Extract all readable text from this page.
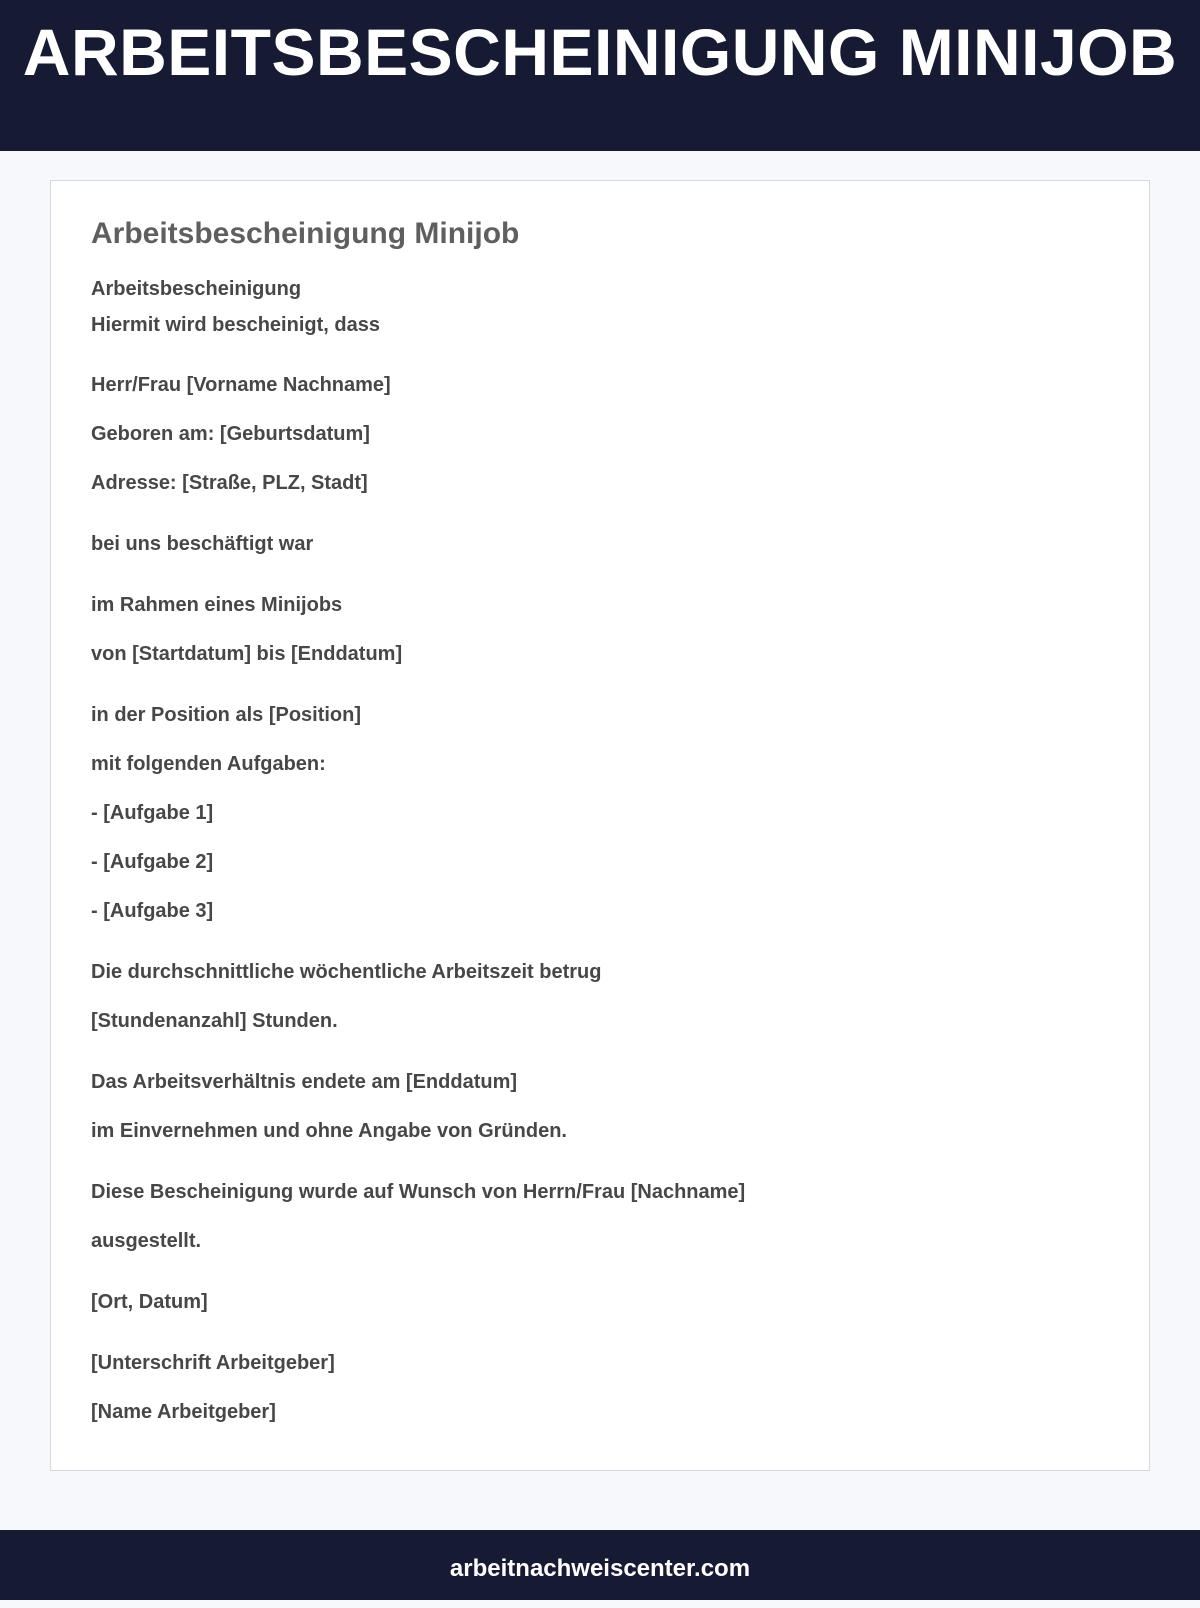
ARBEITSBESCHEINIGUNG MINIJOB
Arbeitsbescheinigung Minijob

Arbeitsbescheinigung

Hiermit wird bescheinigt, dass

Herr/Frau [Vorname Nachname]

Geboren am: [Geburtsdatum]

Adresse: [Straße, PLZ, Stadt]

bei uns beschäftigt war

im Rahmen eines Minijobs

von [Startdatum] bis [Enddatum]

in der Position als [Position]

mit folgenden Aufgaben:

- [Aufgabe 1]

- [Aufgabe 2]

- [Aufgabe 3]

Die durchschnittliche wöchentliche Arbeitszeit betrug

[Stundenanzahl] Stunden.

Das Arbeitsverhältnis endete am [Enddatum]

im Einvernehmen und ohne Angabe von Gründen.

Diese Bescheinigung wurde auf Wunsch von Herrn/Frau [Nachname]

ausgestellt.

[Ort, Datum]

[Unterschrift Arbeitgeber]

[Name Arbeitgeber]

arbeitnachweiscenter.com
